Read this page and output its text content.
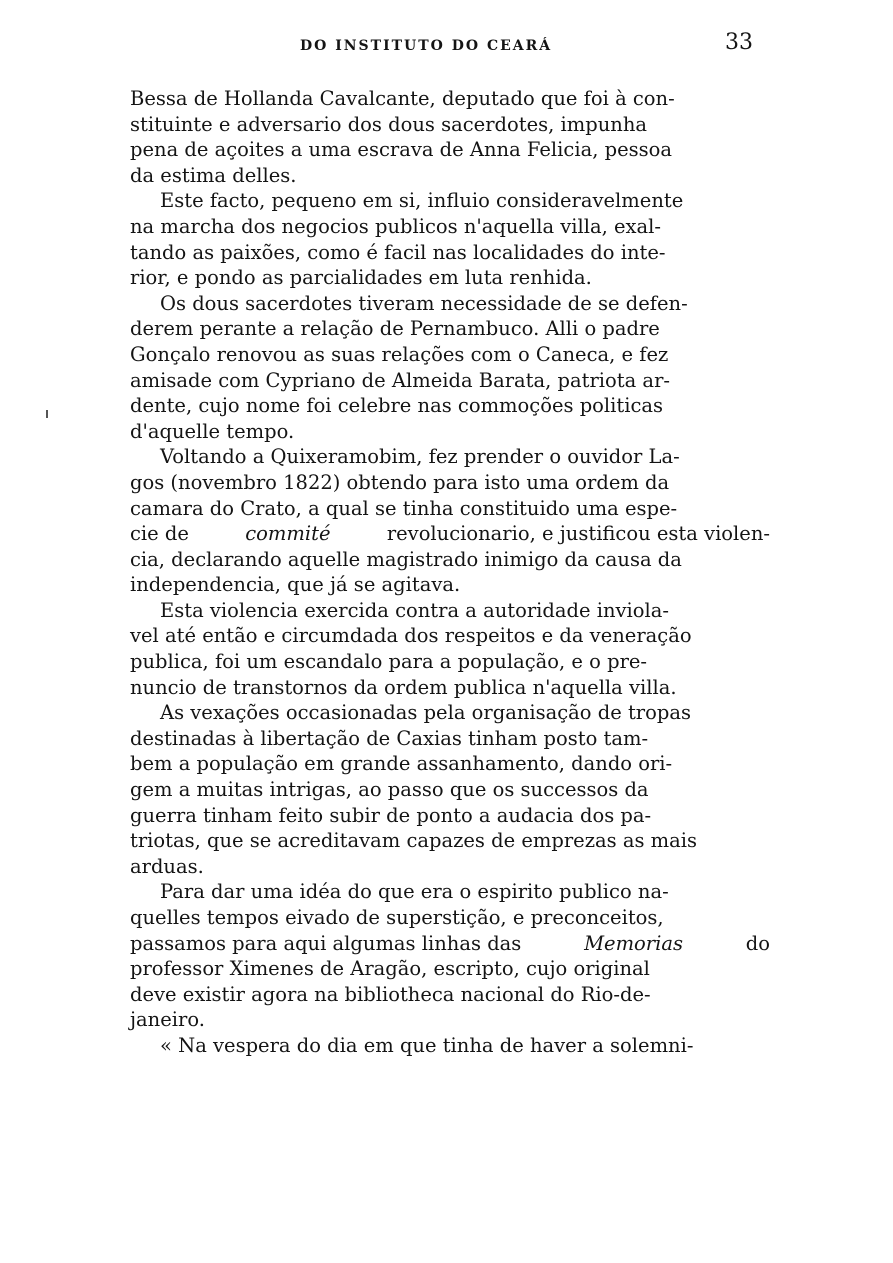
DO INSTITUTO DO CEARÁ	33
Bessa de Hollanda Cavalcante, deputado que foi à con-
stituinte e adversario dos dous sacerdotes, impunha
pena de açoites a uma escrava de Anna Felicia, pessoa
da estima delles.
Este facto, pequeno em si, influio consideravelmente
na marcha dos negocios publicos n'aquella villa, exal-
tando as paixões, como é facil nas localidades do inte-
rior, e pondo as parcialidades em luta renhida.
Os dous sacerdotes tiveram necessidade de se defen-
derem perante a relação de Pernambuco. Alli o padre
Gonçalo renovou as suas relações com o Caneca, e fez
amisade com Cypriano de Almeida Barata, patriota ar-
dente, cujo nome foi celebre nas commoções politicas
d'aquelle tempo.
Voltando a Quixeramobim, fez prender o ouvidor La-
gos (novembro 1822) obtendo para isto uma ordem da
camara do Crato, a qual se tinha constituido uma espe-
cie de	commité	revolucionario, e justificou esta violen-
cia, declarando aquelle magistrado inimigo da causa da
independencia, que já se agitava.
Esta violencia exercida contra a autoridade inviola-
vel até então e circumdada dos respeitos e da veneração
publica, foi um escandalo para a população, e o pre-
nuncio de transtornos da ordem publica n'aquella villa.
As vexações occasionadas pela organisação de tropas
destinadas à libertação de Caxias tinham posto tam-
bem a população em grande assanhamento, dando ori-
gem a muitas intrigas, ao passo que os successos da
guerra tinham feito subir de ponto a audacia dos pa-
triotas, que se acreditavam capazes de emprezas as mais
arduas.
Para dar uma idéa do que era o espirito publico na-
quelles tempos eivado de superstição, e preconceitos,
passamos para aqui algumas linhas das	Memorias	do
professor Ximenes de Aragão, escripto, cujo original
deve existir agora na bibliotheca nacional do Rio-de-
janeiro.
« Na vespera do dia em que tinha de haver a solemni-
